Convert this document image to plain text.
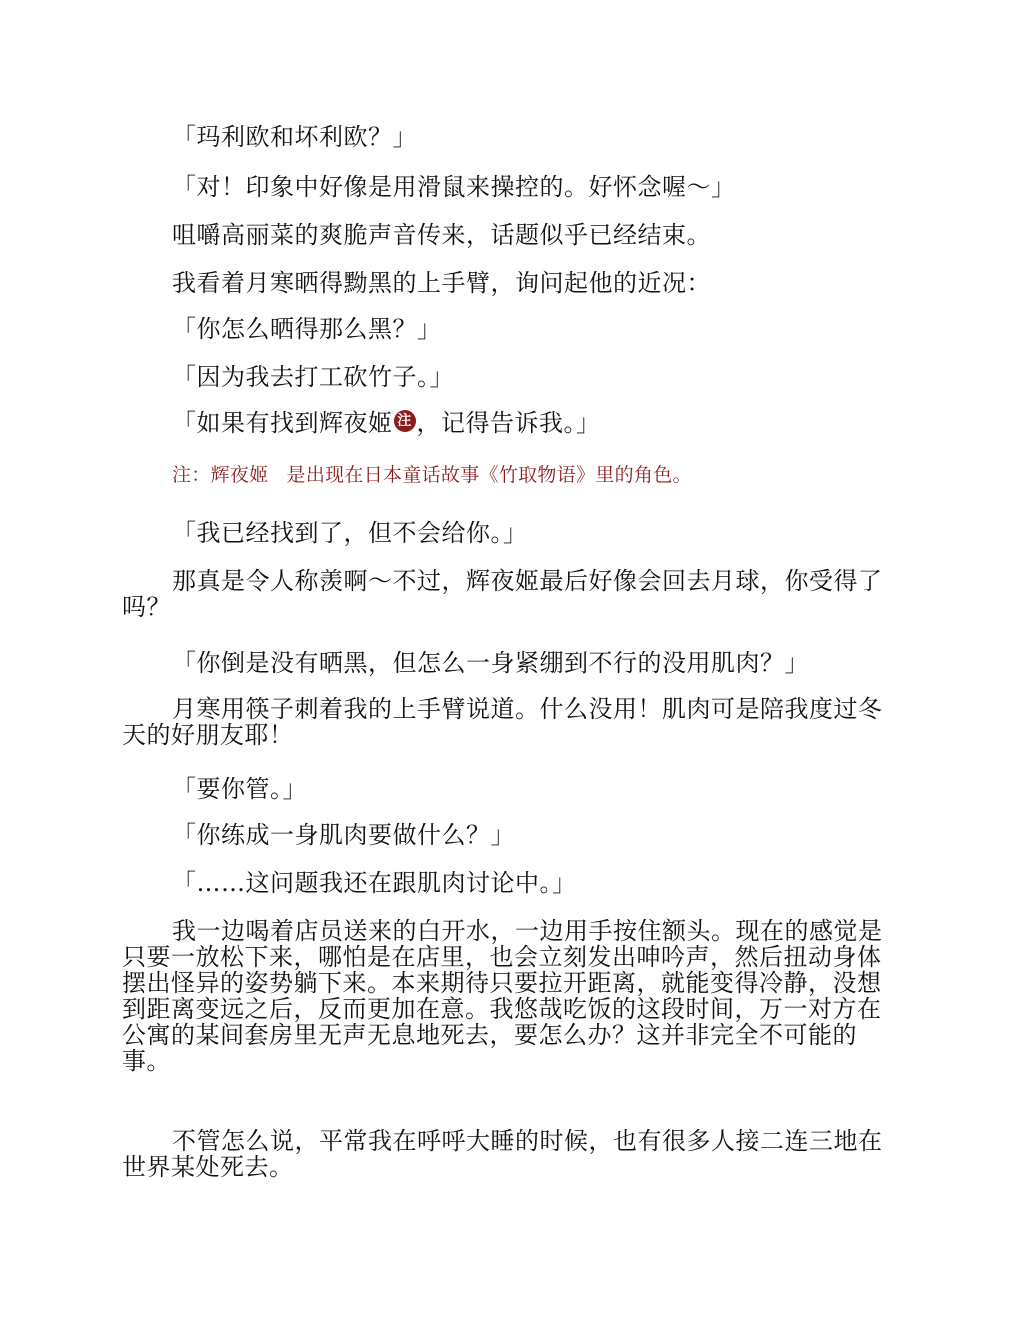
「玛利欧和坏利欧？」
「对！印象中好像是用滑鼠来操控的。好怀念喔～」
咀嚼高丽菜的爽脆声音传来，话题似乎已经结束。
我看着月寒晒得黝黑的上手臂，询问起他的近况：
「你怎么晒得那么黑？」
「因为我去打工砍竹子。」
「如果有找到辉夜姬 注 ，记得告诉我。」
注：辉夜姬 是出现在日本童话故事《竹取物语》里的角色。
「我已经找到了，但不会给你。」
那真是令人称羡啊～不过，辉夜姬最后好像会回去月球，你受得了
吗？
「你倒是没有晒黑，但怎么一身紧绷到不行的没用肌肉？」
月寒用筷子刺着我的上手臂说道。什么没用！肌肉可是陪我度过冬
天的好朋友耶！
「要你管。」
「你练成一身肌肉要做什么？」
「……这问题我还在跟肌肉讨论中。」
我一边喝着店员送来的白开水，一边用手按住额头。现在的感觉是
只要一放松下来，哪怕是在店里，也会立刻发出呻吟声，然后扭动身体
摆出怪异的姿势躺下来。本来期待只要拉开距离，就能变得冷静，没想
到距离变远之后，反而更加在意。我悠哉吃饭的这段时间，万一对方在
公寓的某间套房里无声无息地死去，要怎么办？这并非完全不可能的
事。
不管怎么说，平常我在呼呼大睡的时候，也有很多人接二连三地在
世界某处死去。
